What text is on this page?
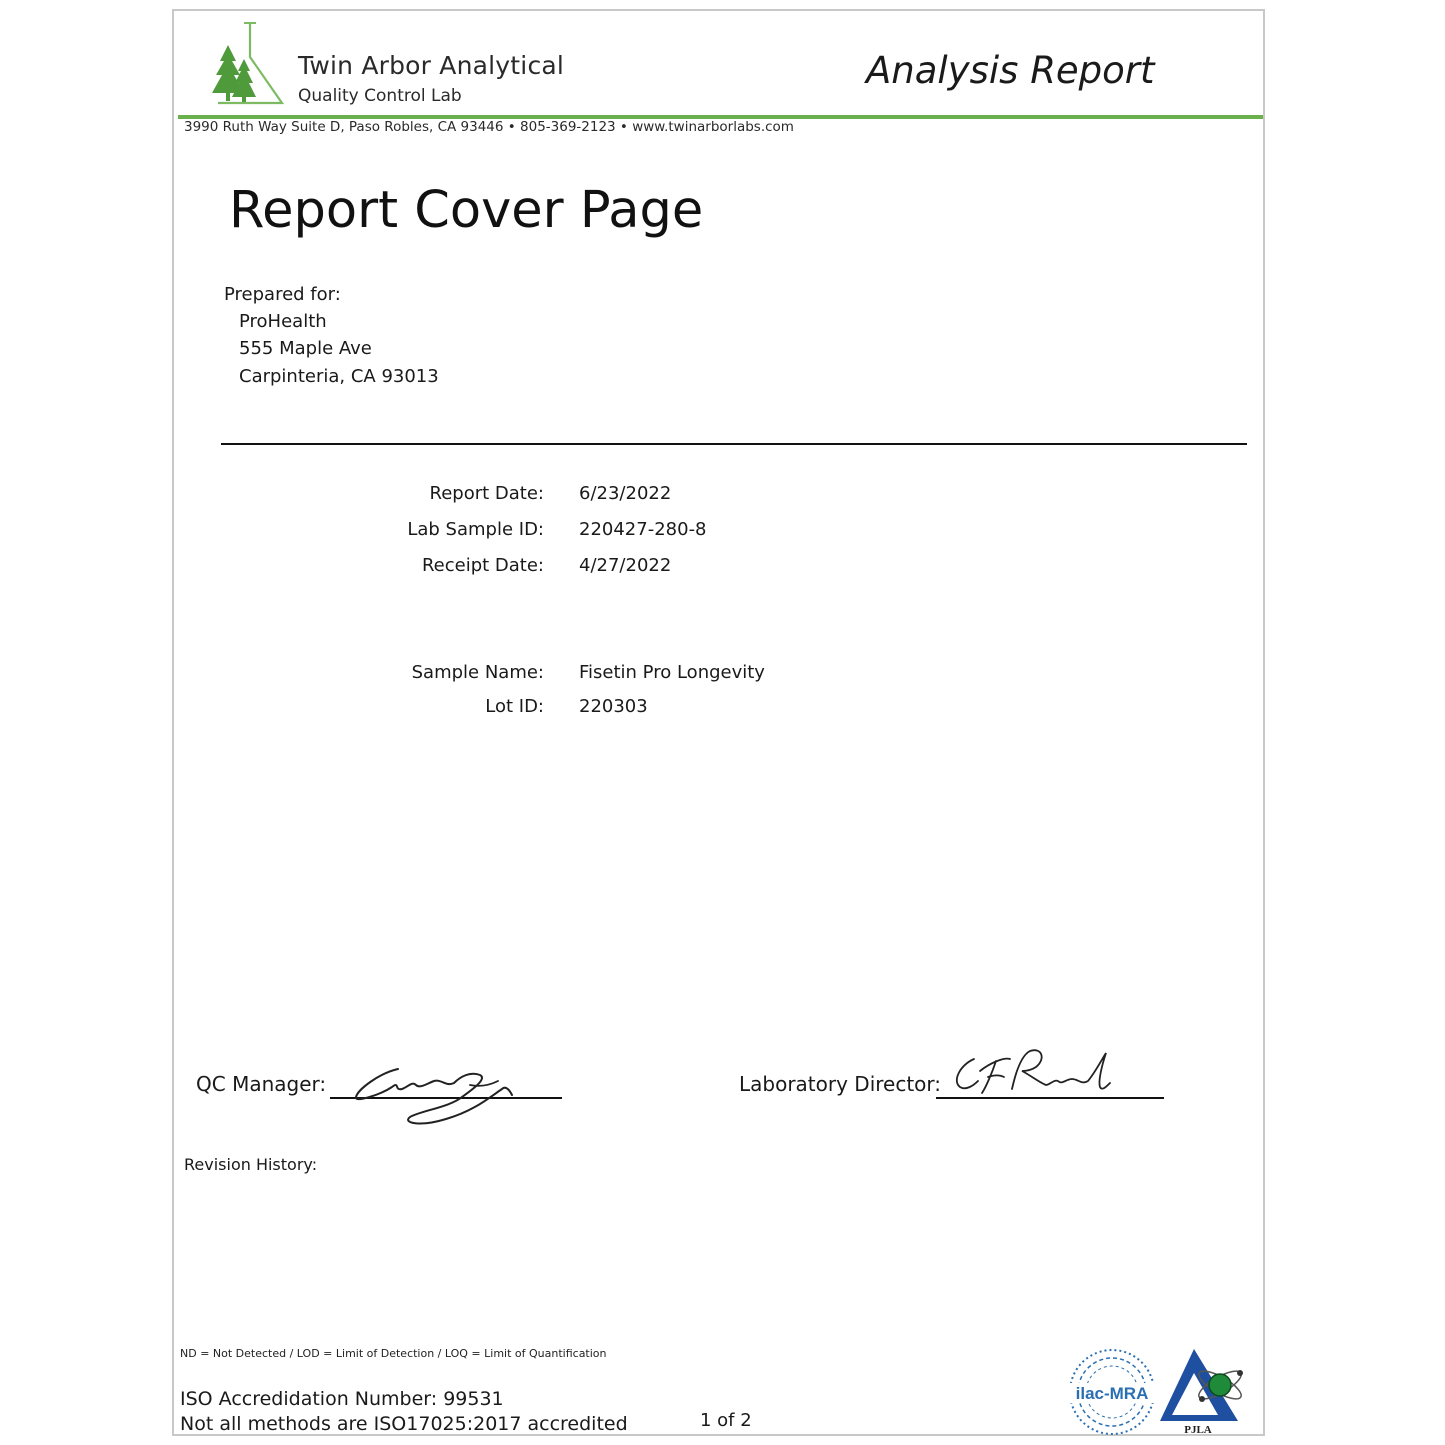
Twin Arbor Analytical
Quality Control Lab
Analysis Report
3990 Ruth Way Suite D, Paso Robles, CA 93446 • 805-369-2123 • www.twinarborlabs.com
Report Cover Page
Prepared for:
ProHealth
555 Maple Ave
Carpinteria, CA 93013
Report Date: 6/23/2022
Lab Sample ID: 220427-280-8
Receipt Date: 4/27/2022
Sample Name: Fisetin Pro Longevity
Lot ID: 220303
QC Manager:	Laboratory Director:
Revision History:
ND = Not Detected / LOD = Limit of Detection / LOQ = Limit of Quantification
ISO Accredidation Number: 99531
Not all methods are ISO17025:2017 accredited	1 of 2
ilac-MRA
PJLA
